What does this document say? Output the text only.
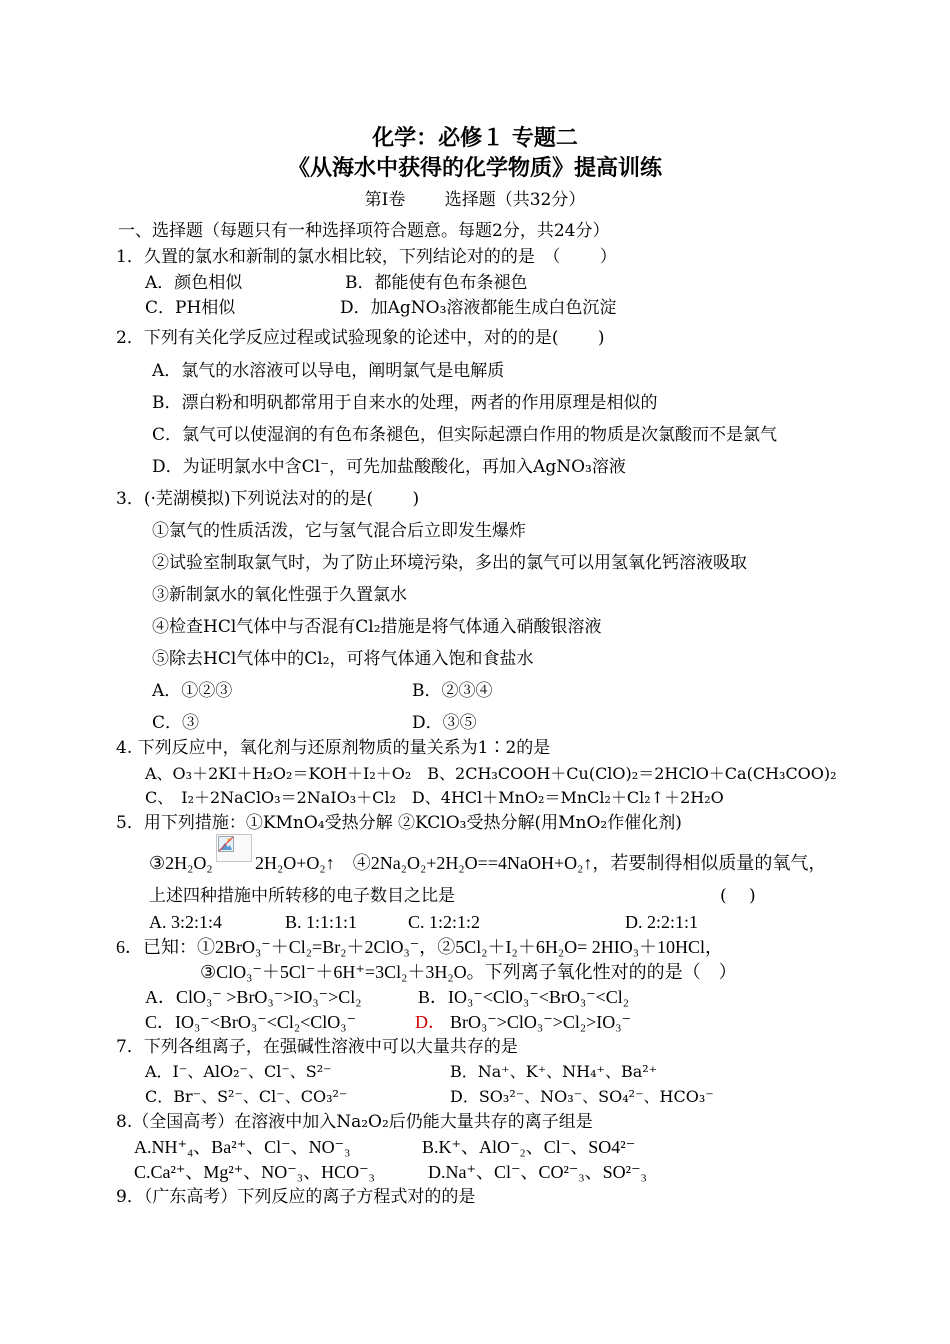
化学：必修１ 专题二
《从海水中获得的化学物质》提高训练
第Ⅰ卷　　 选择题（共32分）
一、选择题（每题只有一种选择项符合题意。每题2分，共24分）
1．久置的氯水和新制的氯水相比较，下列结论对的的是　（　　 ）
A．颜色相似	B．都能使有色布条褪色
C．PH相似	D．加AgNO₃溶液都能生成白色沉淀
2．下列有关化学反应过程或试验现象的论述中，对的的是(　　 )
A．氯气的水溶液可以导电，阐明氯气是电解质
B．漂白粉和明矾都常用于自来水的处理，两者的作用原理是相似的
C．氯气可以使湿润的有色布条褪色，但实际起漂白作用的物质是次氯酸而不是氯气
D．为证明氯水中含Cl⁻，可先加盐酸酸化，再加入AgNO₃溶液
3．(·芜湖模拟)下列说法对的的是(　　 )
①氯气的性质活泼，它与氢气混合后立即发生爆炸
②试验室制取氯气时，为了防止环境污染，多出的氯气可以用氢氧化钙溶液吸取
③新制氯水的氧化性强于久置氯水
④检查HCl气体中与否混有Cl₂措施是将气体通入硝酸银溶液
⑤除去HCl气体中的Cl₂，可将气体通入饱和食盐水
A．①②③	B．②③④
C．③	D．③⑤
4. 下列反应中，氧化剂与还原剂物质的量关系为1∶2的是
A、O₃＋2KI＋H₂O₂＝KOH＋I₂＋O₂　B、2CH₃COOH＋Cu(ClO)₂＝2HClO＋Ca(CH₃COO)₂
C、　I₂＋2NaClO₃＝2NaIO₃＋Cl₂　D、4HCl＋MnO₂＝MnCl₂＋Cl₂↑＋2H₂O
5．用下列措施：①KMnO₄受热分解 ②KClO₃受热分解(用MnO₂作催化剂)
③2H₂O₂ 2H₂O+O₂↑　④2Na₂O₂+2H₂O==4NaOH+O₂↑，若要制得相似质量的氧气，
上述四种措施中所转移的电子数目之比是	(　 )
A. 3:2:1:4	B. 1:1:1:1	C. 1:2:1:2	D. 2:2:1:1
6．已知：①2BrO₃⁻＋Cl₂=Br₂＋2ClO₃⁻，②5Cl₂＋I₂＋6H₂O= 2HIO₃＋10HCl，
③ClO₃⁻＋5Cl⁻＋6H⁺=3Cl₂＋3H₂O。下列离子氧化性对的的是（　）
A．ClO₃⁻ >BrO₃⁻>IO₃⁻>Cl₂	B．IO₃⁻<ClO₃⁻<BrO₃⁻<Cl₂
C．IO₃⁻<BrO₃⁻<Cl₂<ClO₃⁻	D． BrO₃⁻>ClO₃⁻>Cl₂>IO₃⁻
7．下列各组离子，在强碱性溶液中可以大量共存的是
A．I⁻、AlO₂⁻、Cl⁻、S²⁻	B．Na⁺、K⁺、NH₄⁺、Ba²⁺
C．Br⁻、S²⁻、Cl⁻、CO₃²⁻	D．SO₃²⁻、NO₃⁻、SO₄²⁻、HCO₃⁻
8.（全国高考）在溶液中加入Na₂O₂后仍能大量共存的离子组是
A.NH⁺₄、Ba²⁺、Cl⁻、NO⁻₃	B.K⁺、AlO⁻₂、Cl⁻、SO4²⁻
C.Ca²⁺、Mg²⁺、NO⁻₃、HCO⁻₃	D.Na⁺、Cl⁻、CO²⁻₃、SO²⁻₃
9．（广东高考）下列反应的离子方程式对的的是
